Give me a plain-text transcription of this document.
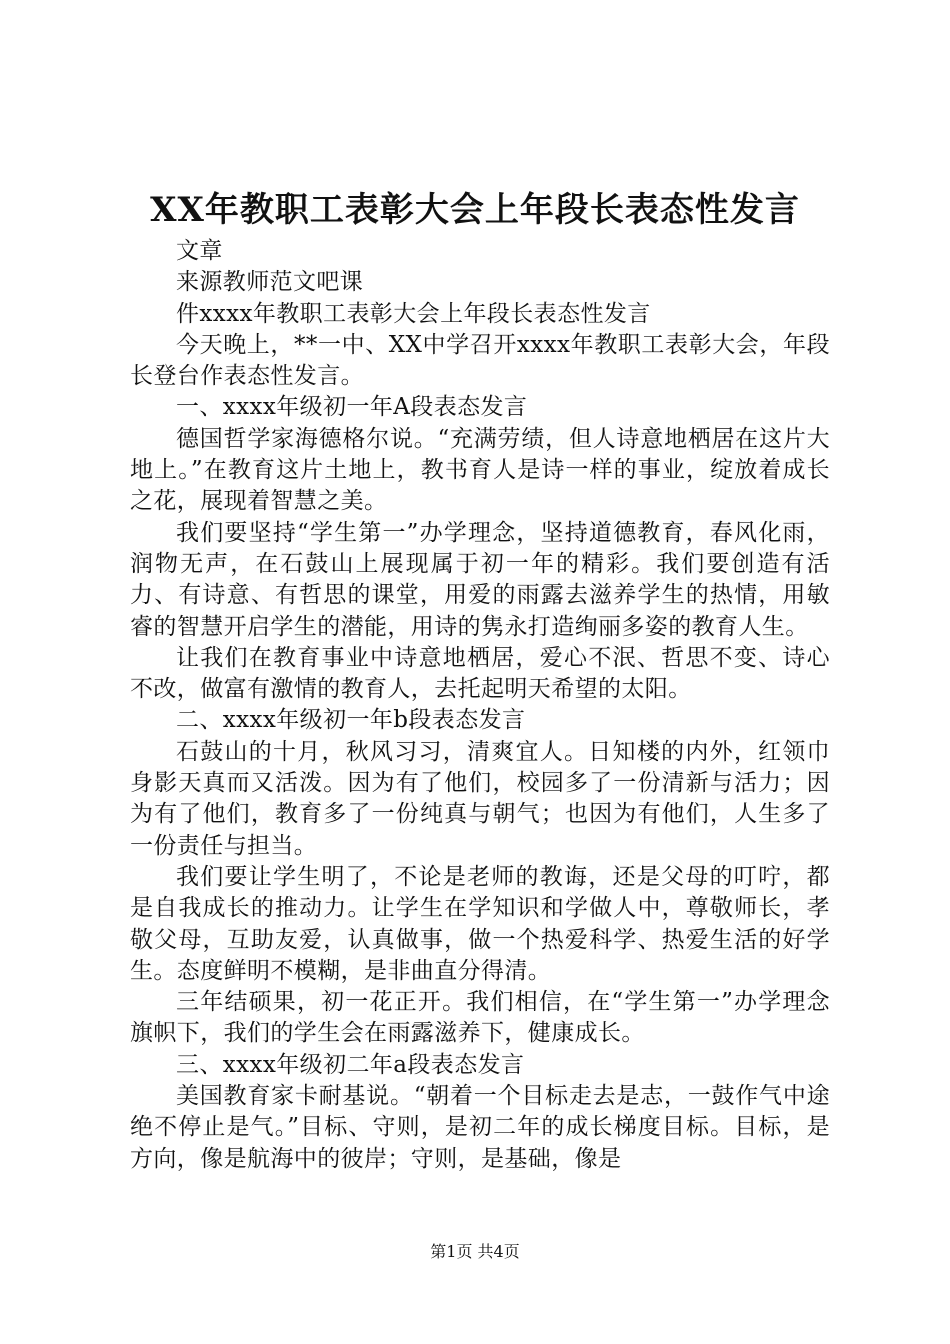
XX年教职工表彰大会上年段长表态性发言

文章

来源教师范文吧课

件xxxx年教职工表彰大会上年段长表态性发言

今天晚上，**一中、XX中学召开xxxx年教职工表彰大会，年段长登台作表态性发言。

一、xxxx年级初一年A段表态发言

德国哲学家海德格尔说。“充满劳绩，但人诗意地栖居在这片大地上。”在教育这片土地上，教书育人是诗一样的事业，绽放着成长之花，展现着智慧之美。

我们要坚持“学生第一”办学理念，坚持道德教育，春风化雨，润物无声，在石鼓山上展现属于初一年的精彩。我们要创造有活力、有诗意、有哲思的课堂，用爱的雨露去滋养学生的热情，用敏睿的智慧开启学生的潜能，用诗的隽永打造绚丽多姿的教育人生。

让我们在教育事业中诗意地栖居，爱心不泯、哲思不变、诗心不改，做富有激情的教育人，去托起明天希望的太阳。

二、xxxx年级初一年b段表态发言

石鼓山的十月，秋风习习，清爽宜人。日知楼的内外，红领巾身影天真而又活泼。因为有了他们，校园多了一份清新与活力；因为有了他们，教育多了一份纯真与朝气；也因为有他们，人生多了一份责任与担当。

我们要让学生明了，不论是老师的教诲，还是父母的叮咛，都是自我成长的推动力。让学生在学知识和学做人中，尊敬师长，孝敬父母，互助友爱，认真做事，做一个热爱科学、热爱生活的好学生。态度鲜明不模糊，是非曲直分得清。

三年结硕果，初一花正开。我们相信，在“学生第一”办学理念旗帜下，我们的学生会在雨露滋养下，健康成长。

三、xxxx年级初二年a段表态发言

美国教育家卡耐基说。“朝着一个目标走去是志，一鼓作气中途绝不停止是气。”目标、守则，是初二年的成长梯度目标。目标，是方向，像是航海中的彼岸；守则，是基础，像是

第1页 共4页
